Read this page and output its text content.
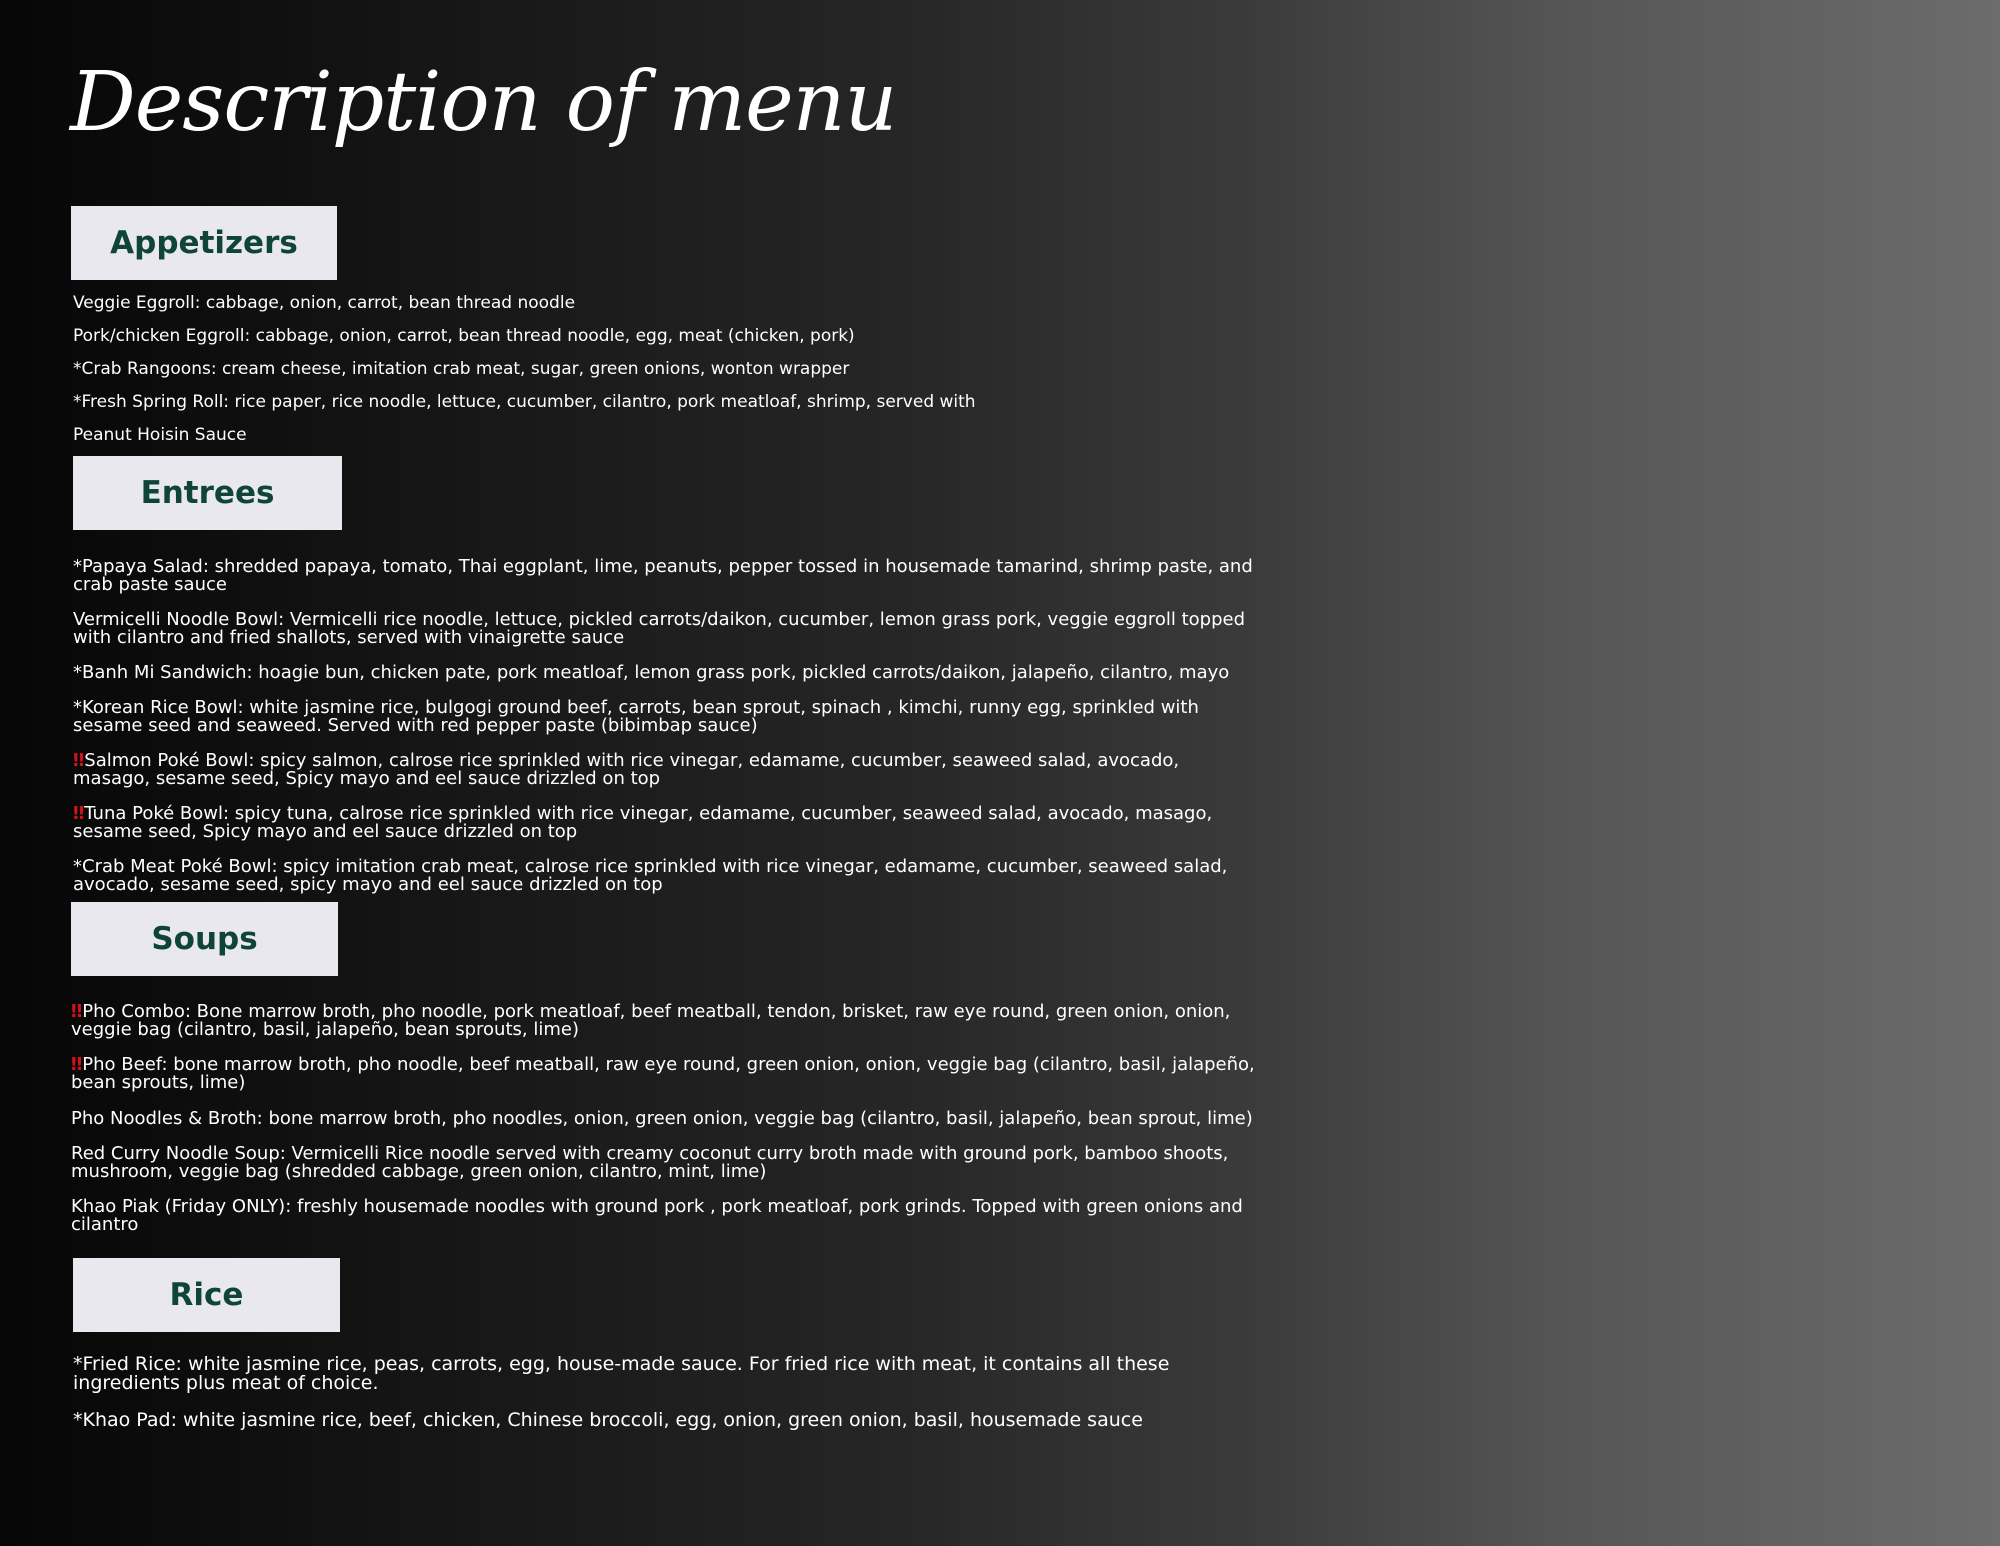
Description of menu
Appetizers

Veggie Eggroll: cabbage, onion, carrot, bean thread noodle

Pork/chicken Eggroll: cabbage, onion, carrot, bean thread noodle, egg, meat (chicken, pork)

*Crab Rangoons: cream cheese, imitation crab meat, sugar, green onions, wonton wrapper

*Fresh Spring Roll: rice paper, rice noodle, lettuce, cucumber, cilantro, pork meatloaf, shrimp, served with

Peanut Hoisin Sauce

Entrees
*Papaya Salad: shredded papaya, tomato, Thai eggplant, lime, peanuts, pepper tossed in housemade tamarind, shrimp paste, and
crab paste sauce
Vermicelli Noodle Bowl: Vermicelli rice noodle, lettuce, pickled carrots/daikon, cucumber, lemon grass pork, veggie eggroll topped
with cilantro and fried shallots, served with vinaigrette sauce
*Banh Mi Sandwich: hoagie bun, chicken pate, pork meatloaf, lemon grass pork, pickled carrots/daikon, jalapeño, cilantro, mayo
*Korean Rice Bowl: white jasmine rice, bulgogi ground beef, carrots, bean sprout, spinach , kimchi, runny egg, sprinkled with
sesame seed and seaweed. Served with red pepper paste (bibimbap sauce)
‼ Salmon Poké Bowl: spicy salmon, calrose rice sprinkled with rice vinegar, edamame, cucumber, seaweed salad, avocado,
masago, sesame seed, Spicy mayo and eel sauce drizzled on top
‼ Tuna Poké Bowl: spicy tuna, calrose rice sprinkled with rice vinegar, edamame, cucumber, seaweed salad, avocado, masago,
sesame seed, Spicy mayo and eel sauce drizzled on top
*Crab Meat Poké Bowl: spicy imitation crab meat, calrose rice sprinkled with rice vinegar, edamame, cucumber, seaweed salad,
avocado, sesame seed, spicy mayo and eel sauce drizzled on top
Soups
‼ Pho Combo: Bone marrow broth, pho noodle, pork meatloaf, beef meatball, tendon, brisket, raw eye round, green onion, onion,
veggie bag (cilantro, basil, jalapeño, bean sprouts, lime)
‼ Pho Beef: bone marrow broth, pho noodle, beef meatball, raw eye round, green onion, onion, veggie bag (cilantro, basil, jalapeño,
bean sprouts, lime)
Pho Noodles & Broth: bone marrow broth, pho noodles, onion, green onion, veggie bag (cilantro, basil, jalapeño, bean sprout, lime)
Red Curry Noodle Soup: Vermicelli Rice noodle served with creamy coconut curry broth made with ground pork, bamboo shoots,
mushroom, veggie bag (shredded cabbage, green onion, cilantro, mint, lime)
Khao Piak (Friday ONLY): freshly housemade noodles with ground pork , pork meatloaf, pork grinds. Topped with green onions and
cilantro
Rice
*Fried Rice: white jasmine rice, peas, carrots, egg, house-made sauce. For fried rice with meat, it contains all these
ingredients plus meat of choice.
*Khao Pad: white jasmine rice, beef, chicken, Chinese broccoli, egg, onion, green onion, basil, housemade sauce
